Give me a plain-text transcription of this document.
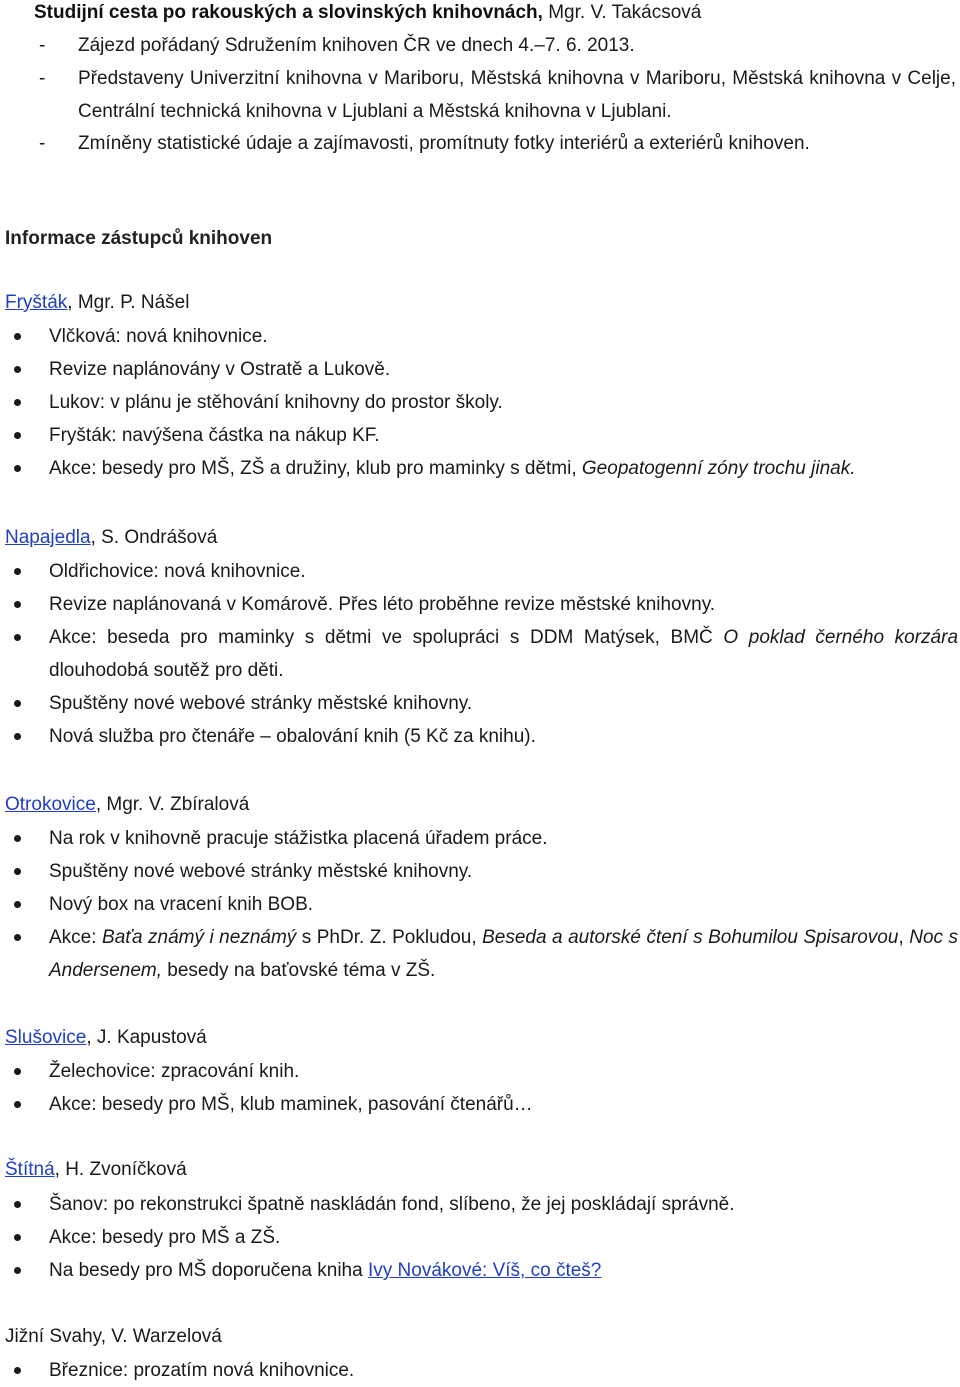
Studijní cesta po rakouských a slovinských knihovnách, Mgr. V. Takácsová

- Zájezd pořádaný Sdružením knihoven ČR ve dnech 4.–7. 6. 2013.
- Představeny Univerzitní knihovna v Mariboru, Městská knihovna v Mariboru, Městská knihovna v Celje, Centrální technická knihovna v Ljublani a Městská knihovna v Ljublani.
- Zmíněny statistické údaje a zajímavosti, promítnuty fotky interiérů a exteriérů knihoven.

Informace zástupců knihoven

Fryšták, Mgr. P. Nášel

Vlčková: nová knihovnice.
Revize naplánovány v Ostratě a Lukově.
Lukov: v plánu je stěhování knihovny do prostor školy.
Fryšták: navýšena částka na nákup KF.
Akce: besedy pro MŠ, ZŠ a družiny, klub pro maminky s dětmi, Geopatogenní zóny trochu jinak.

Napajedla, S. Ondrášová

Oldřichovice: nová knihovnice.
Revize naplánovaná v Komárově. Přes léto proběhne revize městské knihovny.
Akce: beseda pro maminky s dětmi ve spolupráci s DDM Matýsek, BMČ O poklad černého korzára dlouhodobá soutěž pro děti.
Spuštěny nové webové stránky městské knihovny.
Nová služba pro čtenáře – obalování knih (5 Kč za knihu).

Otrokovice, Mgr. V. Zbíralová

Na rok v knihovně pracuje stážistka placená úřadem práce.
Spuštěny nové webové stránky městské knihovny.
Nový box na vracení knih BOB.
Akce: Baťa známý i neznámý s PhDr. Z. Pokludou, Beseda a autorské čtení s Bohumilou Spisarovou, Noc s Andersenem, besedy na baťovské téma v ZŠ.

Slušovice, J. Kapustová

Želechovice: zpracování knih.
Akce: besedy pro MŠ, klub maminek, pasování čtenářů…

Štítná, H. Zvoníčková

Šanov: po rekonstrukci špatně naskládán fond, slíbeno, že jej poskládají správně.
Akce: besedy pro MŠ a ZŠ.
Na besedy pro MŠ doporučena kniha Ivy Novákové: Víš, co čteš?

Jižní Svahy, V. Warzelová

Březnice: prozatím nová knihovnice.
